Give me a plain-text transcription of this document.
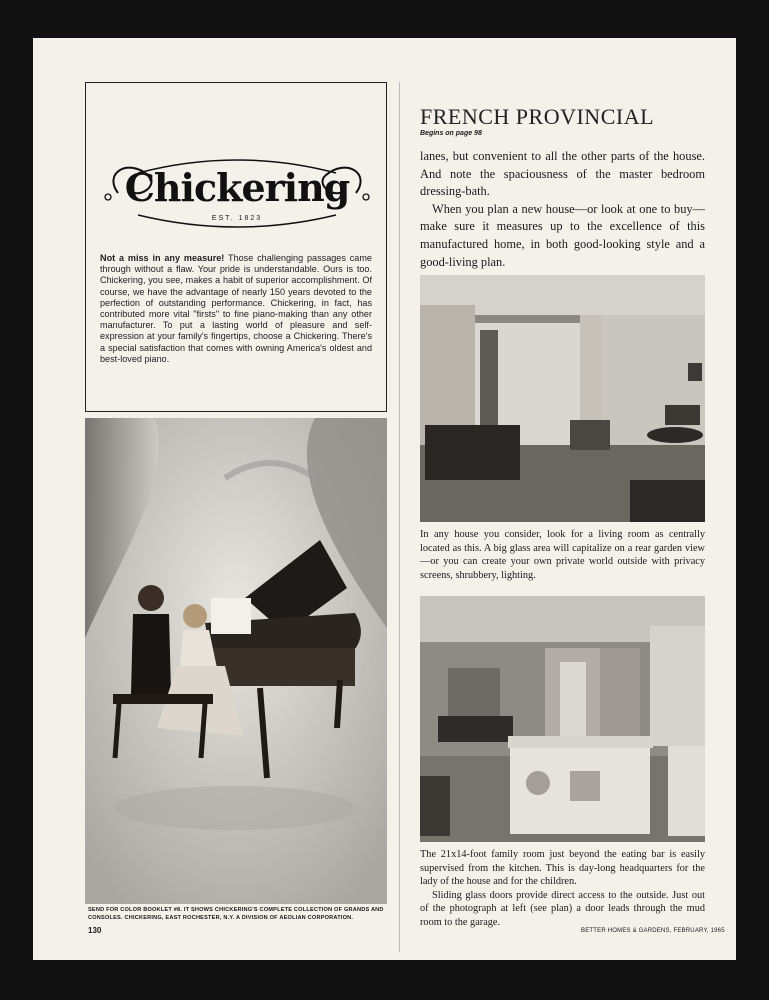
Chickering
EST. 1823
Not a miss in any measure! Those challenging passages came through without a flaw. Your pride is understandable. Ours is too. Chickering, you see, makes a habit of superior accomplishment. Of course, we have the advantage of nearly 150 years devoted to the perfection of outstanding performance. Chickering, in fact, has contributed more vital "firsts" to fine piano-making than any other manufacturer. To put a lasting world of pleasure and self-expression at your family's fingertips, choose a Chickering. There's a special satisfaction that comes with owning America's oldest and best-loved piano.
SEND FOR COLOR BOOKLET #8. IT SHOWS CHICKERING'S COMPLETE COLLECTION OF GRANDS AND CONSOLES. CHICKERING, EAST ROCHESTER, N.Y. A DIVISION OF AEOLIAN CORPORATION.
130
FRENCH PROVINCIAL
Begins on page 98

lanes, but convenient to all the other parts of the house. And note the spaciousness of the master bedroom dressing-bath.

When you plan a new house—or look at one to buy—make sure it measures up to the excellence of this manufactured home, in both good-looking style and a good-living plan.

In any house you consider, look for a living room as centrally located as this. A big glass area will capitalize on a rear garden view—or you can create your own private world outside with privacy screens, shrubbery, lighting.

The 21x14-foot family room just beyond the eating bar is easily supervised from the kitchen. This is day-long headquarters for the lady of the house and for the children.

Sliding glass doors provide direct access to the outside. Just out of the photograph at left (see plan) a door leads through the mud room to the garage.

BETTER HOMES & GARDENS, FEBRUARY, 1965
